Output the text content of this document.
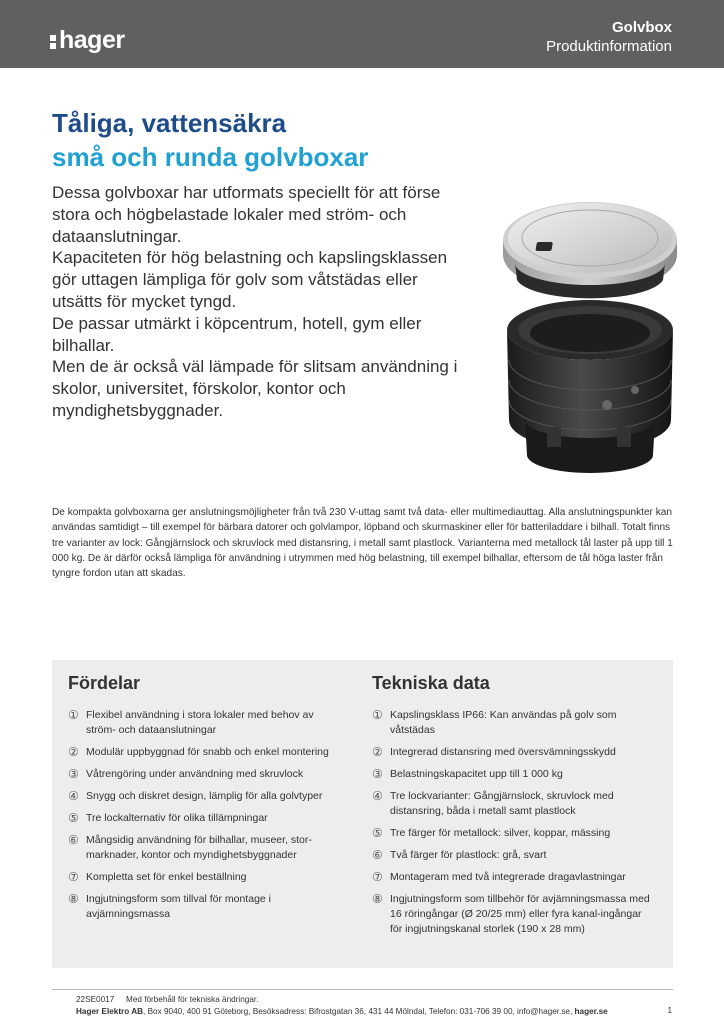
hager	Golvbox
Produktinformation
Tåliga, vattensäkra
små och runda golvboxar

Dessa golvboxar har utformats speciellt för att förse stora och högbelastade lokaler med ström- och dataanslutningar.

Kapaciteten för hög belastning och kapslingsklassen gör uttagen lämpliga för golv som våtstädas eller utsätts för mycket tyngd.

De passar utmärkt i köpcentrum, hotell, gym eller bilhallar.

Men de är också väl lämpade för slitsam användning i skolor, universitet, förskolor, kontor och myndighetsbyggnader.

De kompakta golvboxarna ger anslutningsmöjligheter från två 230 V-uttag samt två data- eller multimediauttag. Alla anslutningspunkter kan användas samtidigt – till exempel för bärbara datorer och golvlampor, löpband och skurmaskiner eller för batteriladdare i bilhall. Totalt finns tre varianter av lock: Gångjärnslock och skruvlock med distansring, i metall samt plastlock. Varianterna med metallock tål laster på upp till 1 000 kg. De är därför också lämpliga för användning i utrymmen med hög belastning, till exempel bilhallar, eftersom de tål höga laster från tyngre fordon utan att skadas.
Fördelar
① Flexibel användning i stora lokaler med behov av ström- och dataanslutningar
② Modulär uppbyggnad för snabb och enkel montering
③ Våtrengöring under användning med skruvlock
④ Snygg och diskret design, lämplig för alla golvtyper
⑤ Tre lockalternativ för olika tillämpningar
⑥ Mångsidig användning för bilhallar, museer, stor-marknader, kontor och myndighetsbyggnader
⑦ Kompletta set för enkel beställning
⑧ Ingjutningsform som tillval för montage i avjämningsmassa
Tekniska data
① Kapslingsklass IP66: Kan användas på golv som våtstädas
② Integrerad distansring med översvämningsskydd
③ Belastningskapacitet upp till 1 000 kg
④ Tre lockvarianter: Gångjärnslock, skruvlock med distansring, båda i metall samt plastlock
⑤ Tre färger för metallock: silver, koppar, mässing
⑥ Två färger för plastlock: grå, svart
⑦ Montageram med två integrerade dragavlastningar
⑧ Ingjutningsform som tillbehör för avjämningsmassa med 16 röringångar (Ø 20/25 mm) eller fyra kanal-ingångar för ingjutningskanal storlek (190 x 28 mm)
22SE0017 Med förbehåll för tekniska ändringar.
Hager Elektro AB, Box 9040, 400 91 Göteborg, Besöksadress: Bifrostgatan 36, 431 44 Mölndal, Telefon: 031-706 39 00, info@hager.se, hager.se	1
